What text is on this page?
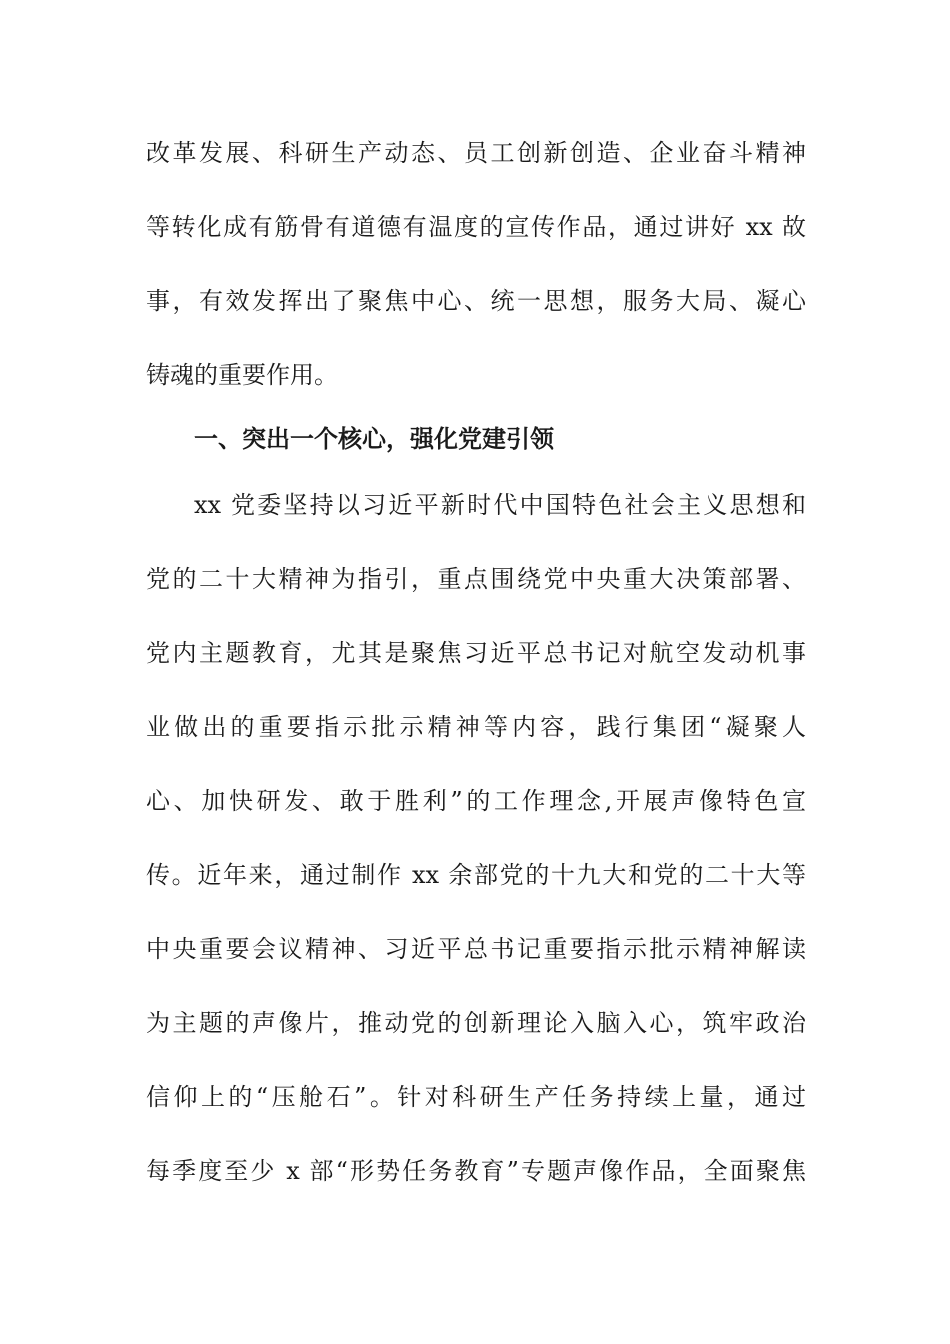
改革发展、科研生产动态、员工创新创造、企业奋斗精神
等转化成有筋骨有道德有温度的宣传作品，通过讲好 xx 故
事，有效发挥出了聚焦中心、统一思想，服务大局、凝心
铸魂的重要作用。
一、突出一个核心，强化党建引领
xx 党委坚持以习近平新时代中国特色社会主义思想和
党的二十大精神为指引，重点围绕党中央重大决策部署、
党内主题教育，尤其是聚焦习近平总书记对航空发动机事
业做出的重要指示批示精神等内容，践行集团“凝聚人
心、加快研发、敢于胜利”的工作理念,开展声像特色宣
传。近年来，通过制作 xx 余部党的十九大和党的二十大等
中央重要会议精神、习近平总书记重要指示批示精神解读
为主题的声像片，推动党的创新理论入脑入心，筑牢政治
信仰上的“压舱石”。针对科研生产任务持续上量，通过
每季度至少 x 部“形势任务教育”专题声像作品，全面聚焦
